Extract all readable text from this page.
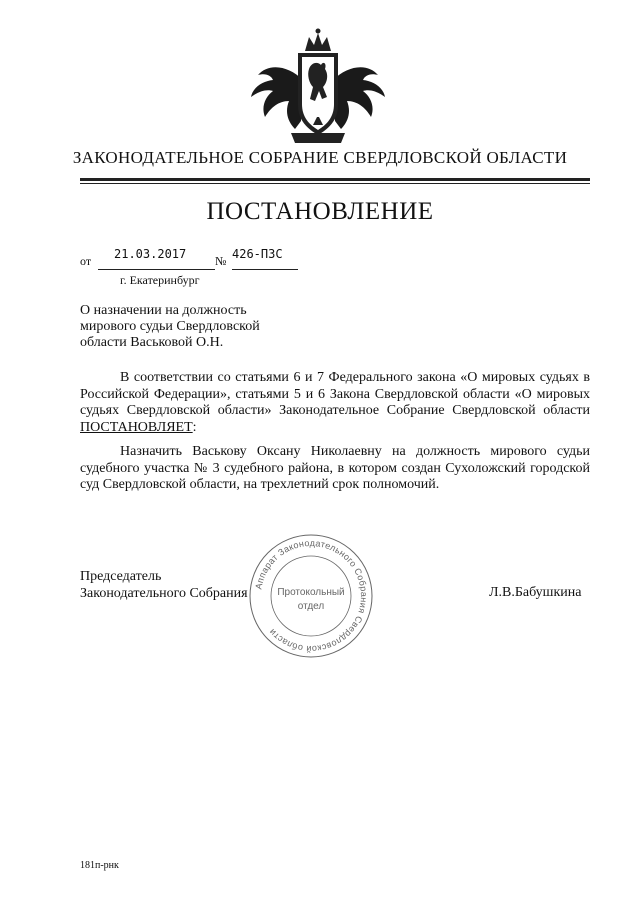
ЗАКОНОДАТЕЛЬНОЕ СОБРАНИЕ СВЕРДЛОВСКОЙ ОБЛАСТИ
ПОСТАНОВЛЕНИЕ
от 21.03.2017 № 426-ПЗС
г. Екатеринбург
О назначении на должность
мирового судьи Свердловской
области Васьковой О.Н.
В соответствии со статьями 6 и 7 Федерального закона «О мировых судьях в Российской Федерации», статьями 5 и 6 Закона Свердловской области «О мировых судьях Свердловской области» Законодательное Собрание Свердловской области ПОСТАНОВЛЯЕТ:
Назначить Васькову Оксану Николаевну на должность мирового судьи судебного участка № 3 судебного района, в котором создан Сухоложский городской суд Свердловской области, на трехлетний срок полномочий.
Аппарат Законодательного Собрания Свердловской области
Протокольный
отдел
Председатель
Законодательного Собрания	Л.В.Бабушкина
181п-рнк
